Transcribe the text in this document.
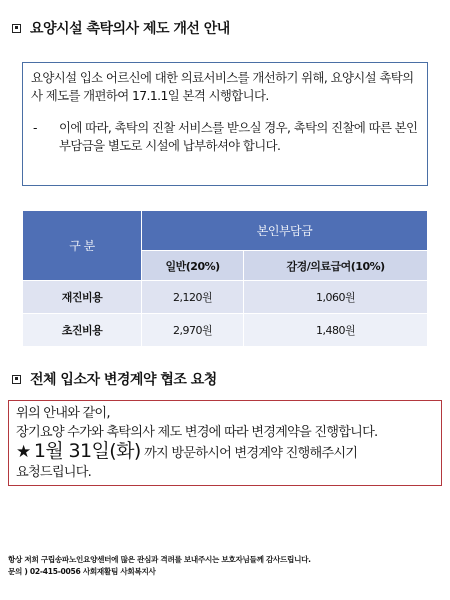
요양시설 촉탁의사 제도 개선 안내

요양시설 입소 어르신에 대한 의료서비스를 개선하기 위해, 요양시설 촉탁의사 제도를 개편하여 17.1.1일 본격 시행합니다.

-	이에 따라, 촉탁의 진찰 서비스를 받으실 경우, 촉탁의 진찰에 따른 본인부담금을 별도로 시설에 납부하셔야 합니다.
구 분	본인부담금	
	일반(20%)	감경/의료급여(10%)
재진비용	2,120원	1,060원
초진비용	2,970원	1,480원
전체 입소자 변경계약 협조 요청

위의 안내와 같이,

장기요양 수가와 촉탁의사 제도 변경에 따라 변경계약을 진행합니다.

★ 1월 31일(화) 까지 방문하시어 변경계약 진행해주시기

요청드립니다.

항상 저희 구립송파노인요양센터에 많은 관심과 격려를 보내주시는 보호자님들께 감사드립니다.

문의 ) 02-415-0056 사회재활팀 사회복지사
